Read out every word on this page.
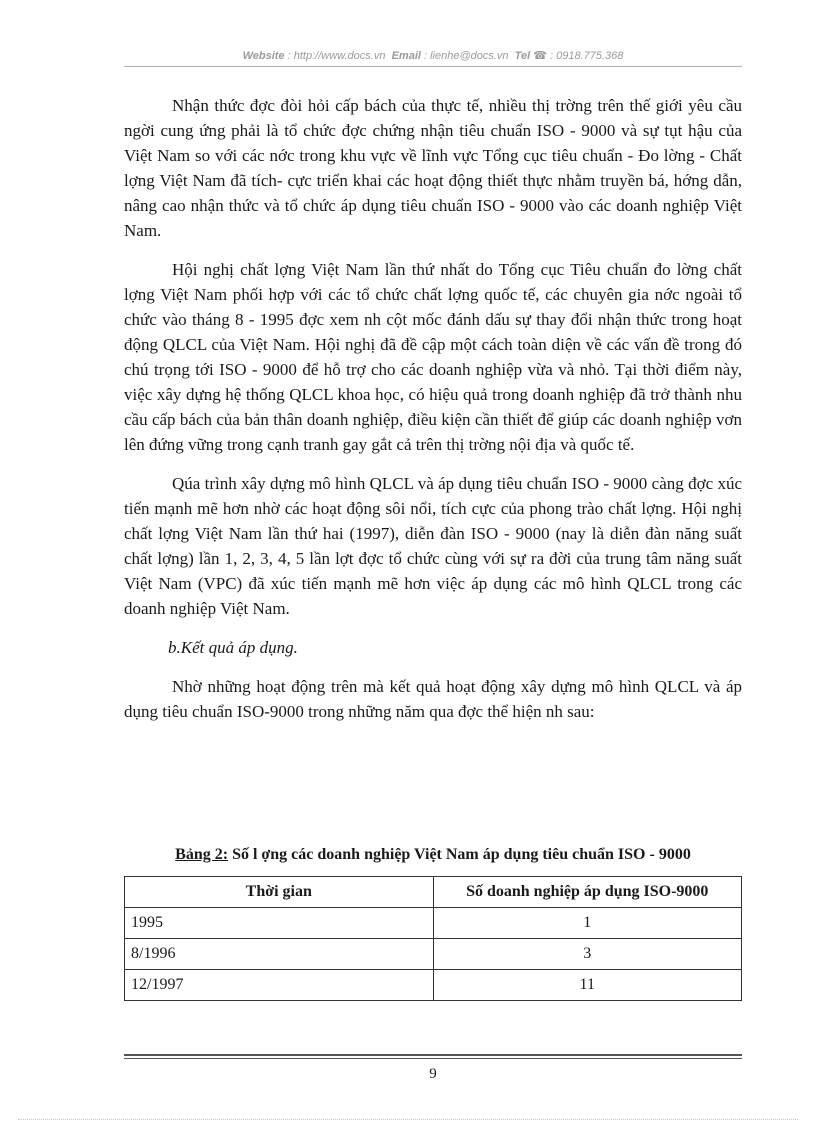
Website : http://www.docs.vn Email : lienhe@docs.vn Tel ☎ : 0918.775.368

Nhận thức đợc đòi hỏi cấp bách của thực tế, nhiều thị trờng trên thế giới yêu cầu ngời cung ứng phải là tổ chức đợc chứng nhận tiêu chuẩn ISO - 9000 và sự tụt hậu của Việt Nam so với các nớc trong khu vực về lĩnh vực Tổng cục tiêu chuẩn - Đo lờng - Chất lợng Việt Nam đã tích- cực triển khai các hoạt động thiết thực nhằm truyền bá, hớng dẫn, nâng cao nhận thức và tổ chức áp dụng tiêu chuẩn ISO - 9000 vào các doanh nghiệp Việt Nam.

Hội nghị chất lợng Việt Nam lần thứ nhất do Tổng cục Tiêu chuẩn đo lờng chất lợng Việt Nam phối hợp với các tổ chức chất lợng quốc tế, các chuyên gia nớc ngoài tổ chức vào tháng 8 - 1995 đợc xem nh cột mốc đánh dấu sự thay đổi nhận thức trong hoạt động QLCL của Việt Nam. Hội nghị đã đề cập một cách toàn diện về các vấn đề trong đó chú trọng tới ISO - 9000 để hỗ trợ cho các doanh nghiệp vừa và nhỏ. Tại thời điểm này, việc xây dựng hệ thống QLCL khoa học, có hiệu quả trong doanh nghiệp đã trở thành nhu cầu cấp bách của bản thân doanh nghiệp, điều kiện cần thiết để giúp các doanh nghiệp vơn lên đứng vững trong cạnh tranh gay gắt cả trên thị trờng nội địa và quốc tế.

Qúa trình xây dựng mô hình QLCL và áp dụng tiêu chuẩn ISO - 9000 càng đợc xúc tiến mạnh mẽ hơn nhờ các hoạt động sôi nổi, tích cực của phong trào chất lợng. Hội nghị chất lợng Việt Nam lần thứ hai (1997), diễn đàn ISO - 9000 (nay là diễn đàn năng suất chất lợng) lần 1, 2, 3, 4, 5 lần lợt đợc tổ chức cùng với sự ra đời của trung tâm năng suất Việt Nam (VPC) đã xúc tiến mạnh mẽ hơn việc áp dụng các mô hình QLCL trong các doanh nghiệp Việt Nam.

b.Kết quả áp dụng.

Nhờ những hoạt động trên mà kết quả hoạt động xây dựng mô hình QLCL và áp dụng tiêu chuẩn ISO-9000 trong những năm qua đợc thể hiện nh sau:

Bảng 2: Số l ợng các doanh nghiệp Việt Nam áp dụng tiêu chuẩn ISO - 9000
Thời gian	Số doanh nghiệp áp dụng ISO-9000
1995	1
8/1996	3
12/1997	11
9
